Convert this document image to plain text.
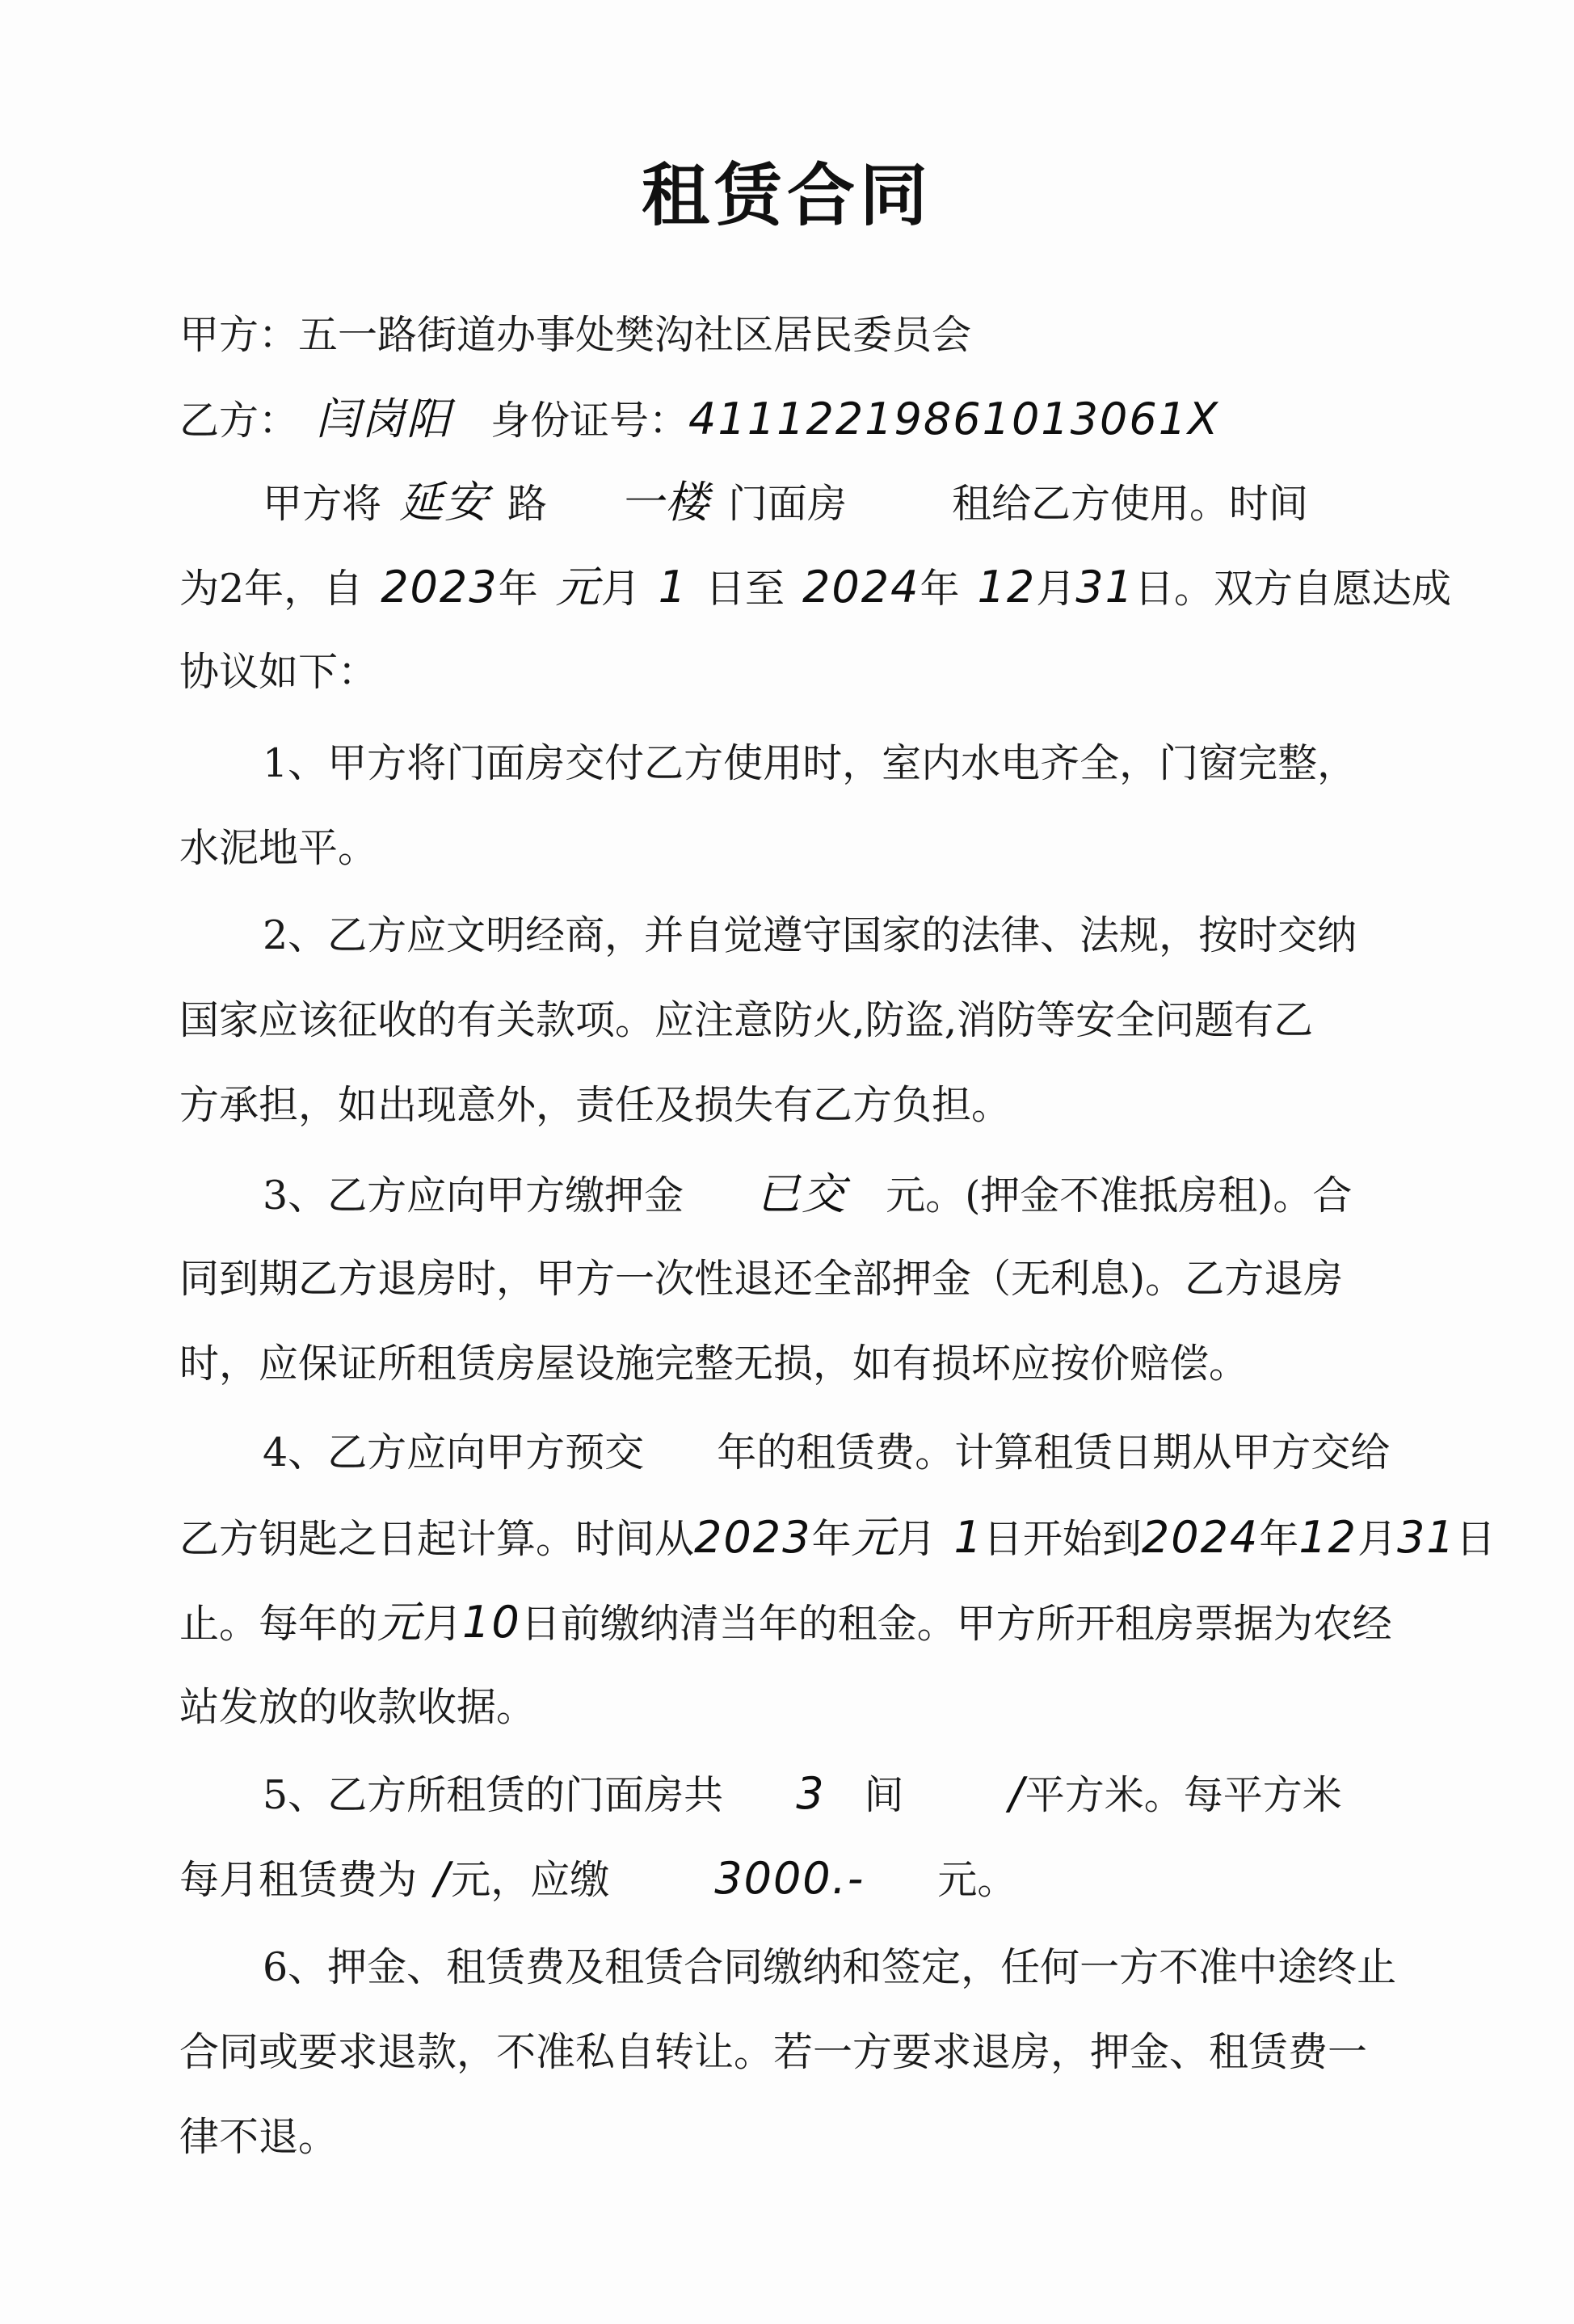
租赁合同
甲方：五一路街道办事处樊沟社区居民委员会
乙方： 闫岗阳 身份证号：41112219861013061X
甲方将 延安 路 一楼 门面房	租给乙方使用。时间
为2年，自 2023年 元月 1 日至 2024年 12月31日。双方自愿达成
协议如下：
1、甲方将门面房交付乙方使用时，室内水电齐全，门窗完整，
水泥地平。
2、乙方应文明经商，并自觉遵守国家的法律、法规，按时交纳
国家应该征收的有关款项。应注意防火,防盗,消防等安全问题有乙
方承担，如出现意外，责任及损失有乙方负担。
3、乙方应向甲方缴押金 已交 元。(押金不准抵房租)。合
同到期乙方退房时，甲方一次性退还全部押金（无利息)。乙方退房
时，应保证所租赁房屋设施完整无损，如有损坏应按价赔偿。
4、乙方应向甲方预交 年的租赁费。计算租赁日期从甲方交给
乙方钥匙之日起计算。时间从2023年元月 1日开始到2024年12月31日
止。每年的元月10日前缴纳清当年的租金。甲方所开租房票据为农经
站发放的收款收据。
5、乙方所租赁的门面房共 3 间 /平方米。每平方米
每月租赁费为 /元，应缴 3000.- 元。
6、押金、租赁费及租赁合同缴纳和签定，任何一方不准中途终止
合同或要求退款，不准私自转让。若一方要求退房，押金、租赁费一
律不退。
